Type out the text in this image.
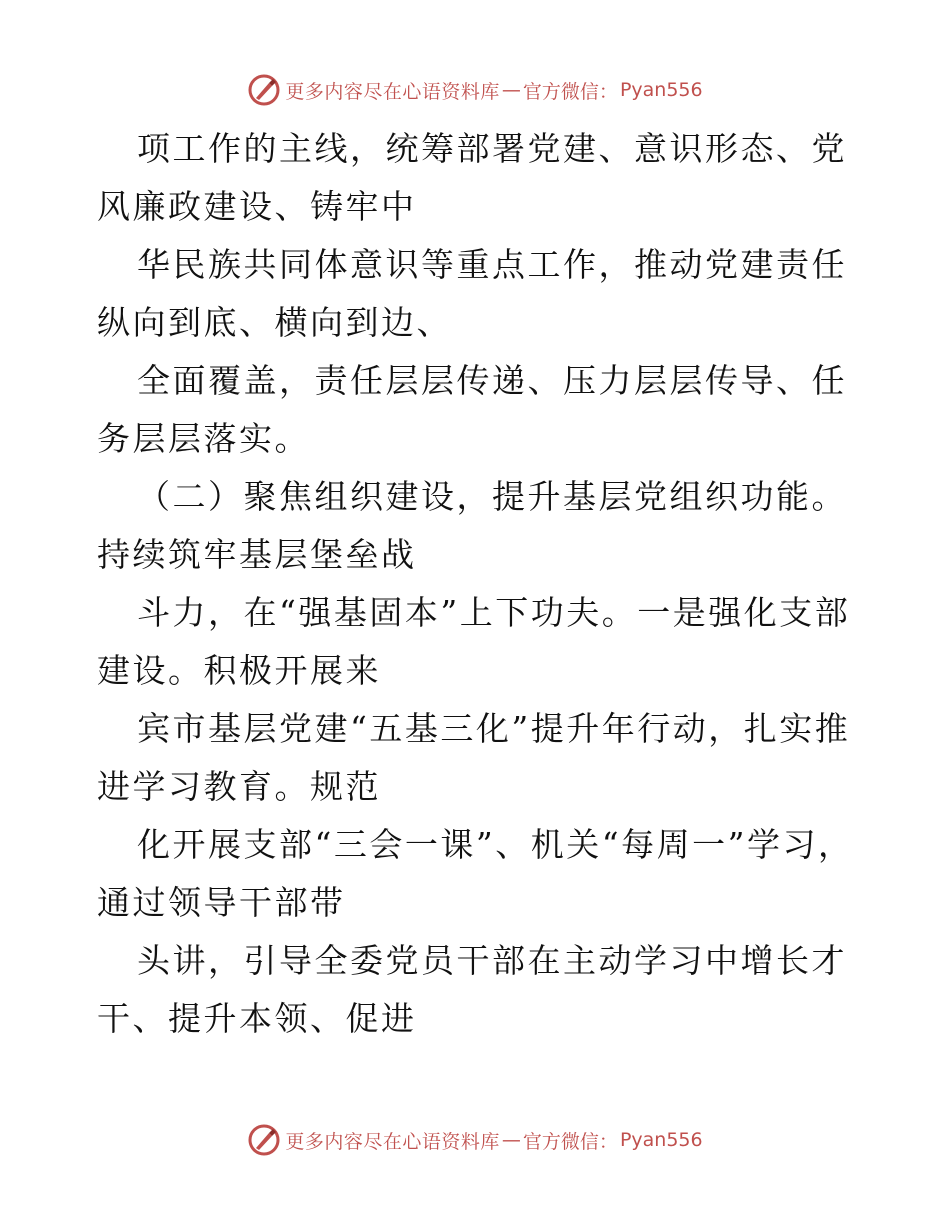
更多内容尽在心语资料库 — 官方微信： Pyan556

项工作的主线，统筹部署党建、意识形态、党风廉政建设、铸牢中

华民族共同体意识等重点工作，推动党建责任纵向到底、横向到边、

全面覆盖，责任层层传递、压力层层传导、任务层层落实。

（二）聚焦组织建设，提升基层党组织功能。持续筑牢基层堡垒战

斗力，在“强基固本”上下功夫。一是强化支部建设。积极开展来

宾市基层党建“五基三化”提升年行动，扎实推进学习教育。规范

化开展支部“三会一课”、机关“每周一”学习，通过领导干部带

头讲，引导全委党员干部在主动学习中增长才干、提升本领、促进

更多内容尽在心语资料库 — 官方微信： Pyan556
